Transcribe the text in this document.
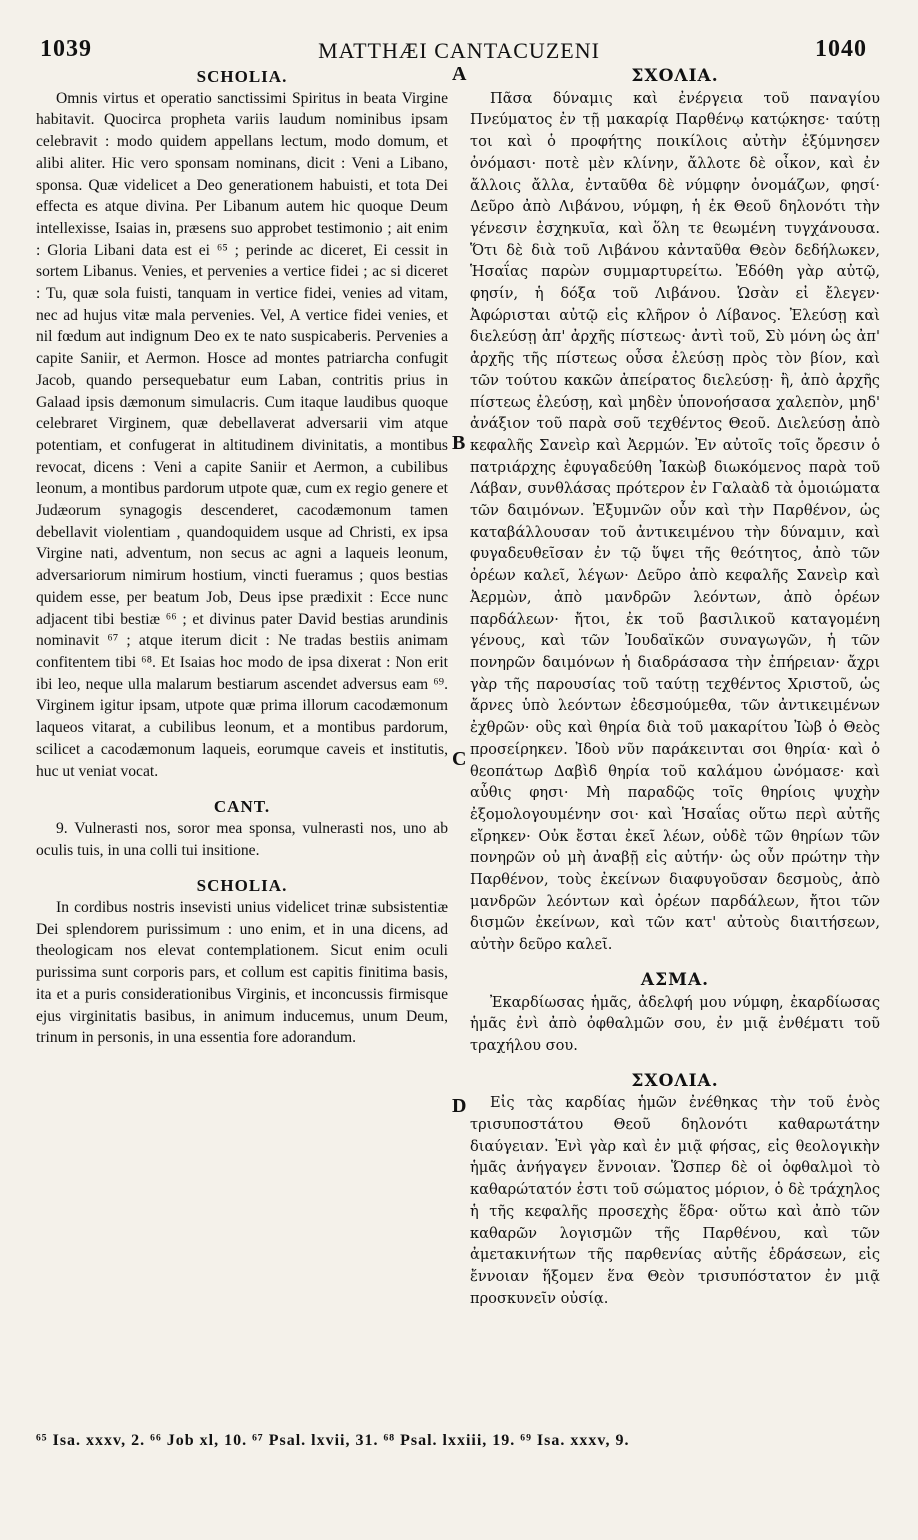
1039	MATTHÆI CANTACUZENI	1040
A
B
C
D
SCHOLIA.

Omnis virtus et operatio sanctissimi Spiritus in beata Virgine habitavit. Quocirca propheta variis laudum nominibus ipsam celebravit : modo quidem appellans lectum, modo domum, et alibi aliter. Hic vero sponsam nominans, dicit : Veni a Libano, sponsa. Quæ videlicet a Deo generationem habuisti, et tota Dei effecta es atque divina. Per Libanum autem hic quoque Deum intellexisse, Isaias in, præsens suo approbet testimonio ; ait enim : Gloria Libani data est ei ⁶⁵ ; perinde ac diceret, Ei cessit in sortem Libanus. Venies, et pervenies a vertice fidei ; ac si diceret : Tu, quæ sola fuisti, tanquam in vertice fidei, venies ad vitam, nec ad hujus vitæ mala pervenies. Vel, A vertice fidei venies, et nil fœdum aut indignum Deo ex te nato suspicaberis. Pervenies a capite Saniir, et Aermon. Hosce ad montes patriarcha confugit Jacob, quando persequebatur eum Laban, contritis prius in Galaad ipsis dæmonum simulacris. Cum itaque laudibus quoque celebraret Virginem, quæ debellaverat adversarii vim atque potentiam, et confugerat in altitudinem divinitatis, a montibus revocat, dicens : Veni a capite Saniir et Aermon, a cubilibus leonum, a montibus pardorum utpote quæ, cum ex regio genere et Judæorum synagogis descenderet, cacodæmonum tamen debellavit violentiam , quandoquidem usque ad Christi, ex ipsa Virgine nati, adventum, non secus ac agni a laqueis leonum, adversariorum nimirum hostium, vincti fueramus ; quos bestias quidem esse, per beatum Job, Deus ipse prædixit : Ecce nunc adjacent tibi bestiæ ⁶⁶ ; et divinus pater David bestias arundinis nominavit ⁶⁷ ; atque iterum dicit : Ne tradas bestiis animam confitentem tibi ⁶⁸. Et Isaias hoc modo de ipsa dixerat : Non erit ibi leo, neque ulla malarum bestiarum ascendet adversus eam ⁶⁹. Virginem igitur ipsam, utpote quæ prima illorum cacodæmonum laqueos vitarat, a cubilibus leonum, et a montibus pardorum, scilicet a cacodæmonum laqueis, eorumque caveis et institutis, huc ut veniat vocat.

CANT.

9. Vulnerasti nos, soror mea sponsa, vulnerasti nos, uno ab oculis tuis, in una colli tui insitione.

SCHOLIA.

In cordibus nostris insevisti unius videlicet trinæ subsistentiæ Dei splendorem purissimum : uno enim, et in una dicens, ad theologicam nos elevat contemplationem. Sicut enim oculi purissima sunt corporis pars, et collum est capitis finitima basis, ita et a puris considerationibus Virginis, et inconcussis firmisque ejus virginitatis basibus, in animum inducemus, unum Deum, trinum in personis, in una essentia fore adorandum.

ΣΧΟΛΙΑ.

Πᾶσα δύναμις καὶ ἐνέργεια τοῦ παναγίου Πνεύματος ἐν τῇ μακαρίᾳ Παρθένῳ κατῴκησε· ταύτῃ τοι καὶ ὁ προφήτης ποικίλοις αὐτὴν ἐξύμνησεν ὀνόμασι· ποτὲ μὲν κλίνην, ἄλλοτε δὲ οἶκον, καὶ ἐν ἄλλοις ἄλλα, ἐνταῦθα δὲ νύμφην ὀνομάζων, φησί· Δεῦρο ἀπὸ Λιβάνου, νύμφη, ἡ ἐκ Θεοῦ δηλονότι τὴν γένεσιν ἐσχηκυῖα, καὶ ὅλη τε θεωμένη τυγχάνουσα. Ὅτι δὲ διὰ τοῦ Λιβάνου κἀνταῦθα Θεὸν δεδήλωκεν, Ἡσαΐας παρὼν συμμαρτυρείτω. Ἐδόθη γὰρ αὐτῷ, φησίν, ἡ δόξα τοῦ Λιβάνου. Ὡσὰν εἰ ἔλεγεν· Ἀφώρισται αὐτῷ εἰς κλῆρον ὁ Λίβανος. Ἐλεύσῃ καὶ διελεύσῃ ἀπ' ἀρχῆς πίστεως· ἀντὶ τοῦ, Σὺ μόνη ὡς ἀπ' ἀρχῆς τῆς πίστεως οὖσα ἐλεύσῃ πρὸς τὸν βίον, καὶ τῶν τούτου κακῶν ἀπείρατος διελεύσῃ· ἢ, ἀπὸ ἀρχῆς πίστεως ἐλεύσῃ, καὶ μηδὲν ὑπονοήσασα χαλεπὸν, μηδ' ἀνάξιον τοῦ παρὰ σοῦ τεχθέντος Θεοῦ. Διελεύσῃ ἀπὸ κεφαλῆς Σανεὶρ καὶ Ἀερμών. Ἐν αὐτοῖς τοῖς ὄρεσιν ὁ πατριάρχης ἐφυγαδεύθη Ἰακὼβ διωκόμενος παρὰ τοῦ Λάβαν, συνθλάσας πρότερον ἐν Γαλαὰδ τὰ ὁμοιώματα τῶν δαιμόνων. Ἐξυμνῶν οὖν καὶ τὴν Παρθένον, ὡς καταβάλλουσαν τοῦ ἀντικειμένου τὴν δύναμιν, καὶ φυγαδευθεῖσαν ἐν τῷ ὕψει τῆς θεότητος, ἀπὸ τῶν ὀρέων καλεῖ, λέγων· Δεῦρο ἀπὸ κεφαλῆς Σανεὶρ καὶ Ἀερμὼν, ἀπὸ μανδρῶν λεόντων, ἀπὸ ὀρέων παρδάλεων· ἤτοι, ἐκ τοῦ βασιλικοῦ καταγομένη γένους, καὶ τῶν Ἰουδαϊκῶν συναγωγῶν, ἡ τῶν πονηρῶν δαιμόνων ἡ διαδράσασα τὴν ἐπήρειαν· ἄχρι γὰρ τῆς παρουσίας τοῦ ταύτῃ τεχθέντος Χριστοῦ, ὡς ἄρνες ὑπὸ λεόντων ἐδεσμούμεθα, τῶν ἀντικειμένων ἐχθρῶν· οὓς καὶ θηρία διὰ τοῦ μακαρίτου Ἰὼβ ὁ Θεὸς προσείρηκεν. Ἰδοὺ νῦν παράκεινται σοι θηρία· καὶ ὁ θεοπάτωρ Δαβὶδ θηρία τοῦ καλάμου ὠνόμασε· καὶ αὖθις φησι· Μὴ παραδῷς τοῖς θηρίοις ψυχὴν ἐξομολογουμένην σοι· καὶ Ἡσαΐας οὕτω περὶ αὐτῆς εἴρηκεν· Οὐκ ἔσται ἐκεῖ λέων, οὐδὲ τῶν θηρίων τῶν πονηρῶν οὐ μὴ ἀναβῇ εἰς αὐτήν· ὡς οὖν πρώτην τὴν Παρθένον, τοὺς ἐκείνων διαφυγοῦσαν δεσμοὺς, ἀπὸ μανδρῶν λεόντων καὶ ὀρέων παρδάλεων, ἤτοι τῶν δισμῶν ἐκείνων, καὶ τῶν κατ' αὐτοὺς διαιτήσεων, αὐτὴν δεῦρο καλεῖ.

ΑΣΜΑ.

Ἐκαρδίωσας ἡμᾶς, ἀδελφή μου νύμφη, ἐκαρδίωσας ἡμᾶς ἐνὶ ἀπὸ ὀφθαλμῶν σου, ἐν μιᾷ ἐνθέματι τοῦ τραχήλου σου.

ΣΧΟΛΙΑ.

Εἰς τὰς καρδίας ἡμῶν ἐνέθηκας τὴν τοῦ ἑνὸς τρισυποστάτου Θεοῦ δηλονότι καθαρωτάτην διαύγειαν. Ἐνὶ γὰρ καὶ ἐν μιᾷ φήσας, εἰς θεολογικὴν ἡμᾶς ἀνήγαγεν ἔννοιαν. Ὥσπερ δὲ οἱ ὀφθαλμοὶ τὸ καθαρώτατόν ἐστι τοῦ σώματος μόριον, ὁ δὲ τράχηλος ἡ τῆς κεφαλῆς προσεχὴς ἕδρα· οὕτω καὶ ἀπὸ τῶν καθαρῶν λογισμῶν τῆς Παρθένου, καὶ τῶν ἀμετακινήτων τῆς παρθενίας αὐτῆς ἑδράσεων, εἰς ἔννοιαν ἥξομεν ἕνα Θεὸν τρισυπόστατον ἐν μιᾷ προσκυνεῖν οὐσίᾳ.

⁶⁵ Isa. xxxv, 2. ⁶⁶ Job xl, 10. ⁶⁷ Psal. lxvii, 31. ⁶⁸ Psal. lxxiii, 19. ⁶⁹ Isa. xxxv, 9.
